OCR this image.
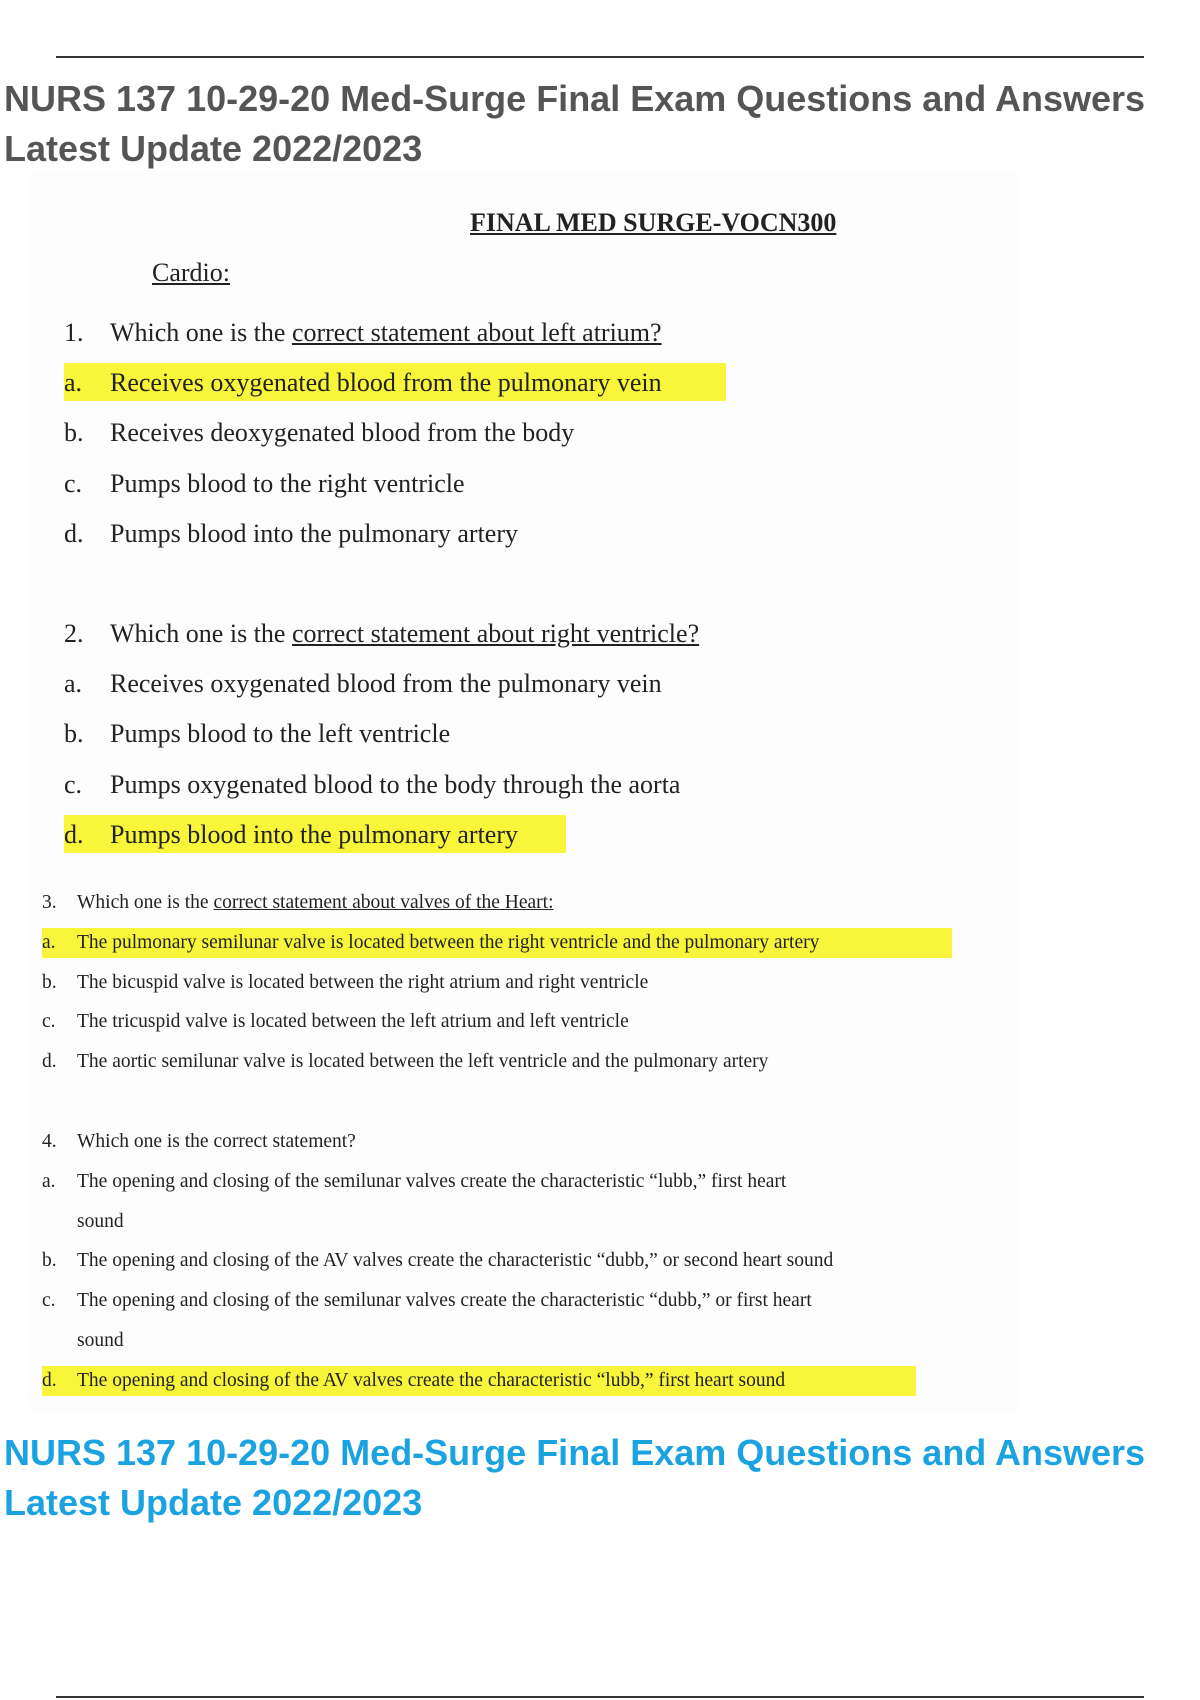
NURS 137 10-29-20 Med-Surge Final Exam Questions and Answers
Latest Update 2022/2023
FINAL MED SURGE-VOCN300
Cardio:
1. Which one is the correct statement about left atrium?
a. Receives oxygenated blood from the pulmonary vein
b. Receives deoxygenated blood from the body
c. Pumps blood to the right ventricle
d. Pumps blood into the pulmonary artery
2. Which one is the correct statement about right ventricle?
a. Receives oxygenated blood from the pulmonary vein
b. Pumps blood to the left ventricle
c. Pumps oxygenated blood to the body through the aorta
d. Pumps blood into the pulmonary artery
3. Which one is the correct statement about valves of the Heart:
a. The pulmonary semilunar valve is located between the right ventricle and the pulmonary artery
b. The bicuspid valve is located between the right atrium and right ventricle
c. The tricuspid valve is located between the left atrium and left ventricle
d. The aortic semilunar valve is located between the left ventricle and the pulmonary artery
4. Which one is the correct statement?
a. The opening and closing of the semilunar valves create the characteristic “lubb,” first heart
sound
b. The opening and closing of the AV valves create the characteristic “dubb,” or second heart sound
c. The opening and closing of the semilunar valves create the characteristic “dubb,” or first heart
sound
d. The opening and closing of the AV valves create the characteristic “lubb,” first heart sound
NURS 137 10-29-20 Med-Surge Final Exam Questions and Answers
Latest Update 2022/2023
